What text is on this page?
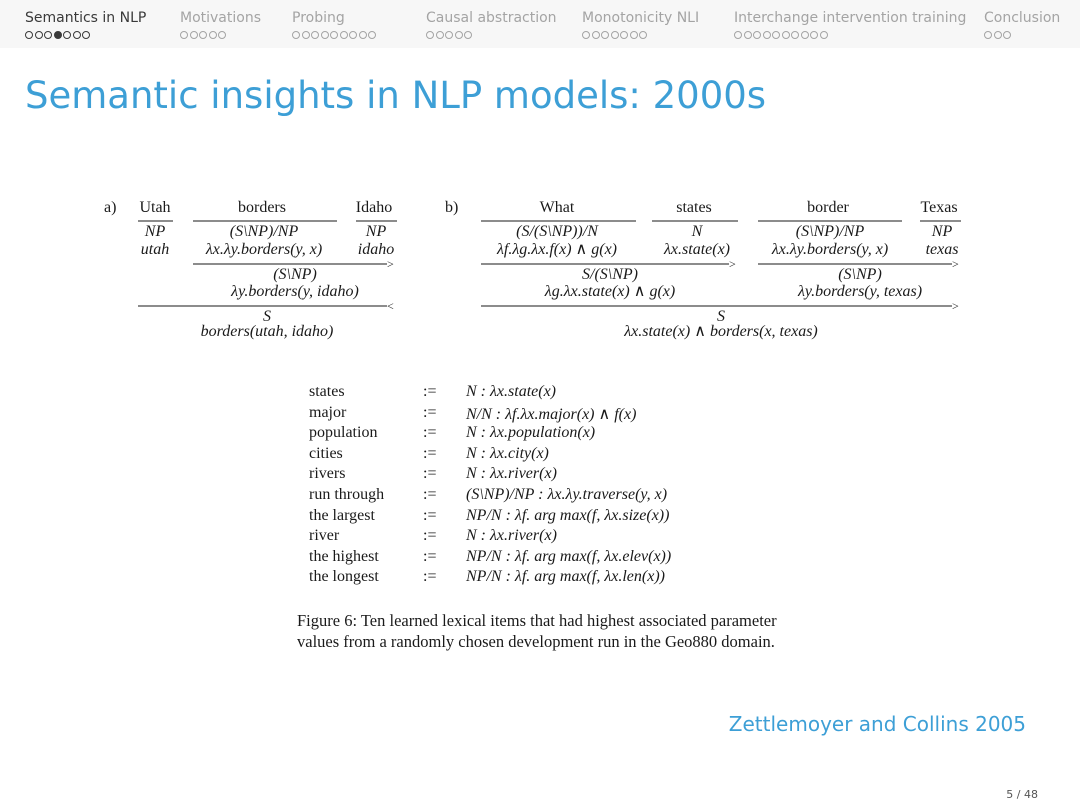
Semantics in NLP Motivations Probing	Causal abstraction Monotonicity NLI Interchange intervention training Conclusion
Semantic insights in NLP models: 2000s
a) Utah	borders	Idaho
NP	(S\NP)/NP	NP
utah λx.λy.borders(y, x) idaho
>
(S\NP)
λy.borders(y, idaho)
<
S
borders(utah, idaho)
b)	What	states	border	Texas
(S/(S\NP))/N	N	(S\NP)/NP	NP
λf.λg.λx.f(x) ∧ g(x)	λx.state(x)	λx.λy.borders(y, x) texas
>	>
S/(S\NP)
λg.λx.state(x) ∧ g(x)
(S\NP)
λy.borders(y, texas)
>
S
λx.state(x) ∧ borders(x, texas)
states	:= N : λx.state(x)
major	:= N/N : λf.λx.major(x) ∧ f(x)
population	:= N : λx.population(x)
cities	:= N : λx.city(x)
rivers	:= N : λx.river(x)
run through := (S\NP)/NP : λx.λy.traverse(y, x)
the largest	:= NP/N : λf. arg max(f, λx.size(x))
river	:= N : λx.river(x)
the highest	:= NP/N : λf. arg max(f, λx.elev(x))
the longest	:= NP/N : λf. arg max(f, λx.len(x))
Figure 6: Ten learned lexical items that had highest associated parameter values from a randomly chosen development run in the Geo880 domain.
Zettlemoyer and Collins 2005
5 / 48
